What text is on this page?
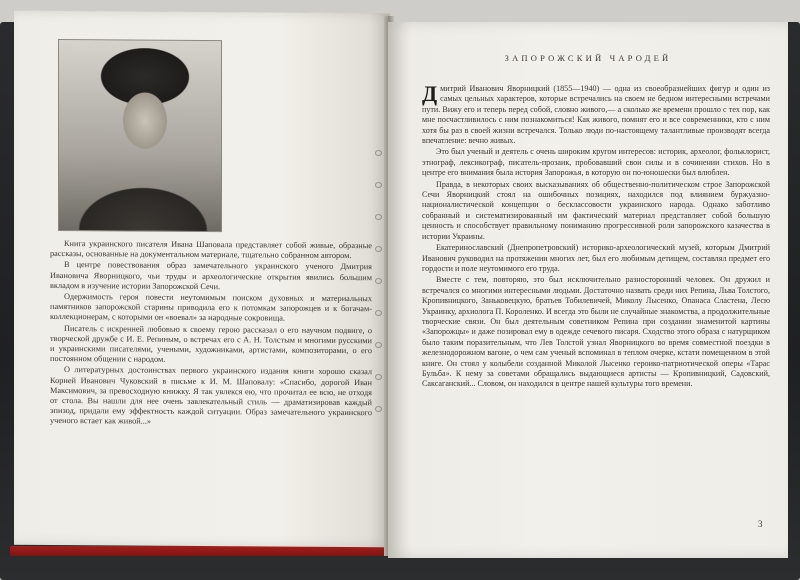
Книга украинского писателя Ивана Шаповала представляет собой живые, образные рассказы, основанные на документальном материале, тщательно собранном автором.

В центре повествования образ замечательного украинского ученого Дмитрия Ивановича Яворницкого, чьи труды и археологические открытия явились большим вкладом в изучение истории Запорожской Сечи.

Одержимость героя повести неутомимым поиском духовных и материальных памятников запорожской старины приводила его к потомкам запорожцев и к богачам-коллекционерам, с которыми он «воевал» за народные сокровища.

Писатель с искренней любовью к своему герою рассказал о его научном подвиге, о творческой дружбе с И. Е. Репиным, о встречах его с А. Н. Толстым и многими русскими и украинскими писателями, учеными, художниками, артистами, композиторами, о его постоянном общении с народом.

О литературных достоинствах первого украинского издания книги хорошо сказал Корней Иванович Чуковский в письме к И. М. Шаповалу: «Спасибо, дорогой Иван Максимович, за превосходную книжку. Я так увлекся ею, что прочитал ее всю, не отходя от стола. Вы нашли для нее очень завлекательный стиль — драматизировав каждый эпизод, придали ему эффектность каждой ситуации. Образ замечательного украинского ученого встает как живой...»

ЗАПОРОЖСКИЙ ЧАРОДЕЙ

Дмитрий Иванович Яворницкий (1855—1940) — одна из своеобразнейших фигур и один из самых цельных характеров, которые встречались на своем не бедном интересными встречами пути. Вижу его и теперь перед собой, словно живого,— а сколько же времени прошло с тех пор, как мне посчастливилось с ним познакомиться! Как живого, помнят его и все современники, кто с ним хотя бы раз в своей жизни встречался. Только люди по-настоящему талантливые производят всегда впечатление: вечно живых.

Это был ученый и деятель с очень широким кругом интересов: историк, археолог, фольклорист, этнограф, лексикограф, писатель-прозаик, пробовавший свои силы и в сочинении стихов. Но в центре его внимания была история Запорожья, в которую он по-юношески был влюблен.

Правда, в некоторых своих высказываниях об общественно-политическом строе Запорожской Сечи Яворницкий стоял на ошибочных позициях, находился под влиянием буржуазно-националистической концепции о бесклассовости украинского народа. Однако заботливо собранный и систематизированный им фактический материал представляет собой большую ценность и способствует правильному пониманию прогрессивной роли запорожского казачества в истории Украины.

Екатеринославский (Днепропетровский) историко-археологический музей, которым Дмитрий Иванович руководил на протяжении многих лет, был его любимым детищем, составлял предмет его гордости и поле неутомимого его труда.

Вместе с тем, повторяю, это был исключительно разносторонний человек. Он дружил и встречался со многими интересными людьми. Достаточно назвать среди них Репина, Льва Толстого, Кропивницкого, Заньковецкую, братьев Тобилевичей, Миколу Лысенко, Опанаса Сластена, Лесю Украинку, архиолога П. Короленко. И всегда это были не случайные знакомства, а продолжительные творческие связи. Он был деятельным советником Репина при создании знаменитой картины «Запорожцы» и даже позировал ему в одежде сечевого писаря. Сходство этого образа с натурщиком было таким поразительным, что Лев Толстой узнал Яворницкого во время совместной поездки в железнодорожном вагоне, о чем сам ученый вспоминал в теплом очерке, кстати помещенном в этой книге. Он стоял у колыбели созданной Миколой Лысенко героико-патриотической оперы «Тарас Бульба». К нему за советами обращались выдающиеся артисты — Кропивницкий, Садовский, Саксаганский... Словом, он находился в центре нашей культуры того времени.

3
